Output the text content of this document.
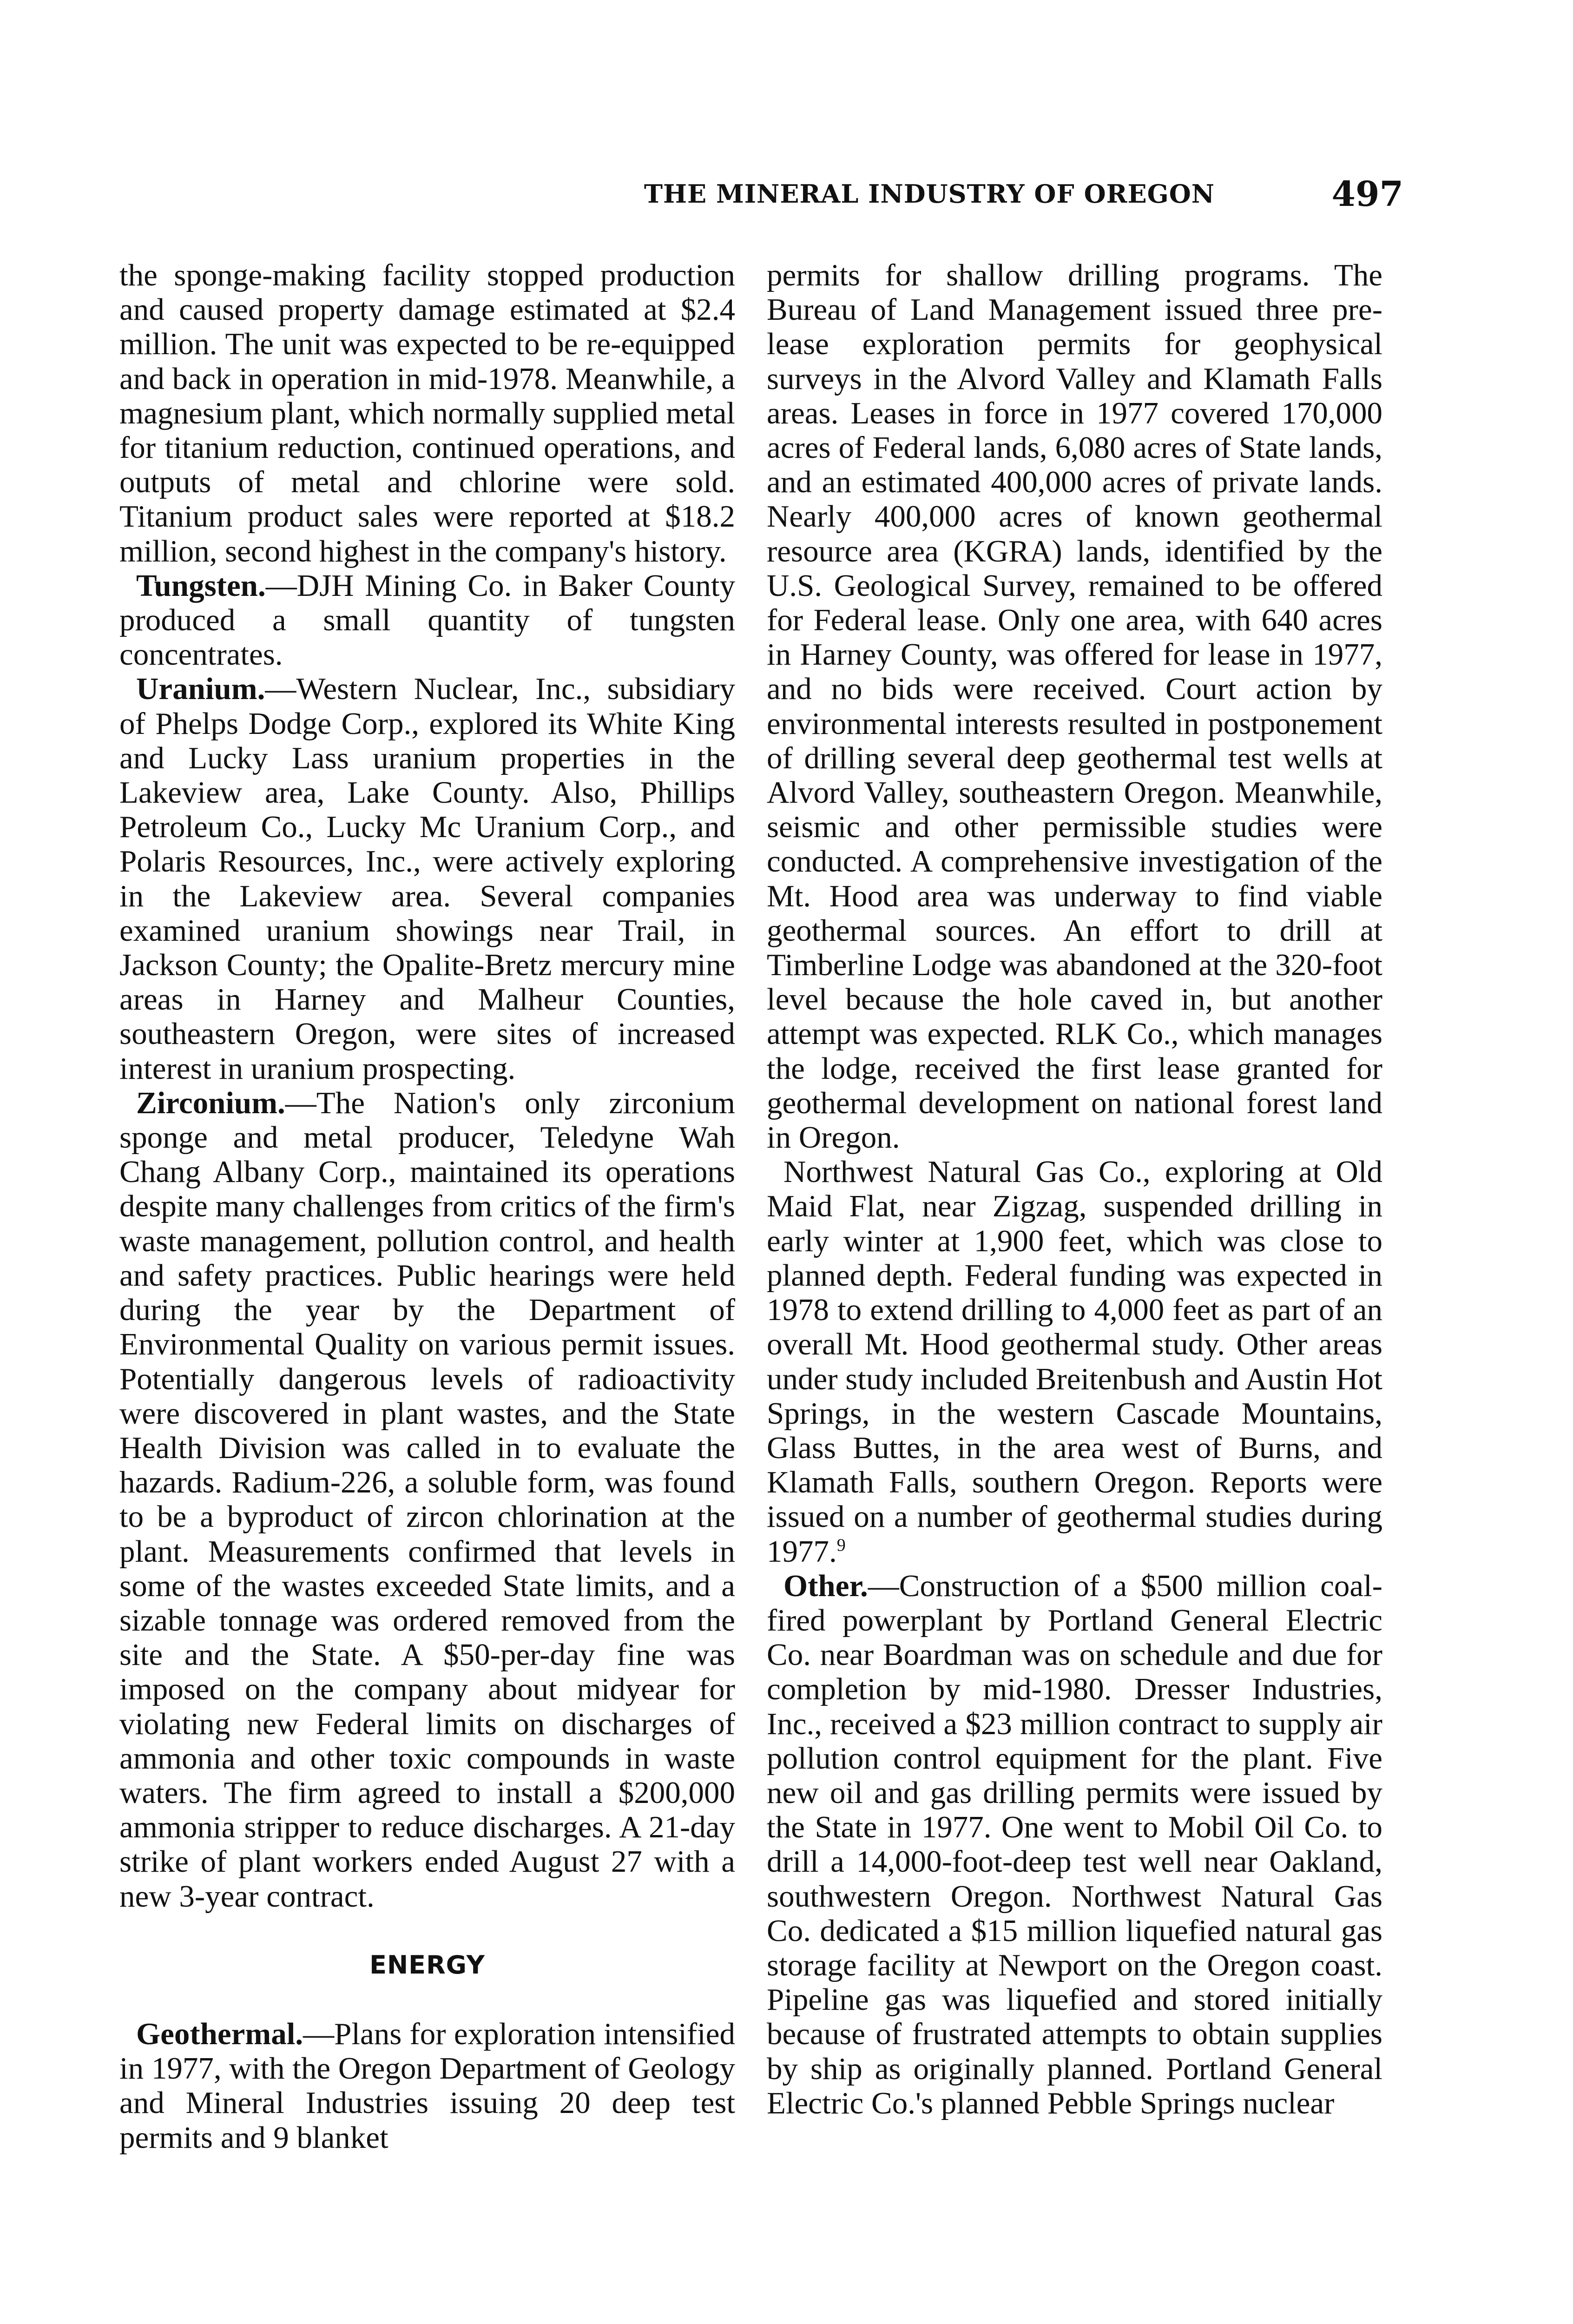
THE MINERAL INDUSTRY OF OREGON	497

the sponge-making facility stopped production and caused property damage estimated at $2.4 million. The unit was expected to be re-equipped and back in operation in mid-1978. Meanwhile, a magnesium plant, which normally supplied metal for titanium reduction, continued operations, and outputs of metal and chlorine were sold. Titanium product sales were reported at $18.2 million, second highest in the company's history.

Tungsten.—DJH Mining Co. in Baker County produced a small quantity of tungsten concentrates.

Uranium.—Western Nuclear, Inc., subsidiary of Phelps Dodge Corp., explored its White King and Lucky Lass uranium properties in the Lakeview area, Lake County. Also, Phillips Petroleum Co., Lucky Mc Uranium Corp., and Polaris Resources, Inc., were actively exploring in the Lakeview area. Several companies examined uranium showings near Trail, in Jackson County; the Opalite-Bretz mercury mine areas in Harney and Malheur Counties, southeastern Oregon, were sites of increased interest in uranium prospecting.

Zirconium.—The Nation's only zirconium sponge and metal producer, Teledyne Wah Chang Albany Corp., maintained its operations despite many challenges from critics of the firm's waste management, pollution control, and health and safety practices. Public hearings were held during the year by the Department of Environmental Quality on various permit issues. Potentially dangerous levels of radioactivity were discovered in plant wastes, and the State Health Division was called in to evaluate the hazards. Radium-226, a soluble form, was found to be a byproduct of zircon chlorination at the plant. Measurements confirmed that levels in some of the wastes exceeded State limits, and a sizable tonnage was ordered removed from the site and the State. A $50-per-day fine was imposed on the company about midyear for violating new Federal limits on discharges of ammonia and other toxic compounds in waste waters. The firm agreed to install a $200,000 ammonia stripper to reduce discharges. A 21-day strike of plant workers ended August 27 with a new 3-year contract.

ENERGY

Geothermal.—Plans for exploration intensified in 1977, with the Oregon Department of Geology and Mineral Industries issuing 20 deep test permits and 9 blanket

permits for shallow drilling programs. The Bureau of Land Management issued three pre-lease exploration permits for geophysical surveys in the Alvord Valley and Klamath Falls areas. Leases in force in 1977 covered 170,000 acres of Federal lands, 6,080 acres of State lands, and an estimated 400,000 acres of private lands. Nearly 400,000 acres of known geothermal resource area (KGRA) lands, identified by the U.S. Geological Survey, remained to be offered for Federal lease. Only one area, with 640 acres in Harney County, was offered for lease in 1977, and no bids were received. Court action by environmental interests resulted in postponement of drilling several deep geothermal test wells at Alvord Valley, southeastern Oregon. Meanwhile, seismic and other permissible studies were conducted. A comprehensive investigation of the Mt. Hood area was underway to find viable geothermal sources. An effort to drill at Timberline Lodge was abandoned at the 320-foot level because the hole caved in, but another attempt was expected. RLK Co., which manages the lodge, received the first lease granted for geothermal development on national forest land in Oregon.

Northwest Natural Gas Co., exploring at Old Maid Flat, near Zigzag, suspended drilling in early winter at 1,900 feet, which was close to planned depth. Federal funding was expected in 1978 to extend drilling to 4,000 feet as part of an overall Mt. Hood geothermal study. Other areas under study included Breitenbush and Austin Hot Springs, in the western Cascade Mountains, Glass Buttes, in the area west of Burns, and Klamath Falls, southern Oregon. Reports were issued on a number of geothermal studies during 1977.$^9$

Other.—Construction of a $500 million coal-fired powerplant by Portland General Electric Co. near Boardman was on schedule and due for completion by mid-1980. Dresser Industries, Inc., received a $23 million contract to supply air pollution control equipment for the plant. Five new oil and gas drilling permits were issued by the State in 1977. One went to Mobil Oil Co. to drill a 14,000-foot-deep test well near Oakland, southwestern Oregon. Northwest Natural Gas Co. dedicated a $15 million liquefied natural gas storage facility at Newport on the Oregon coast. Pipeline gas was liquefied and stored initially because of frustrated attempts to obtain supplies by ship as originally planned. Portland General Electric Co.'s planned Pebble Springs nuclear
